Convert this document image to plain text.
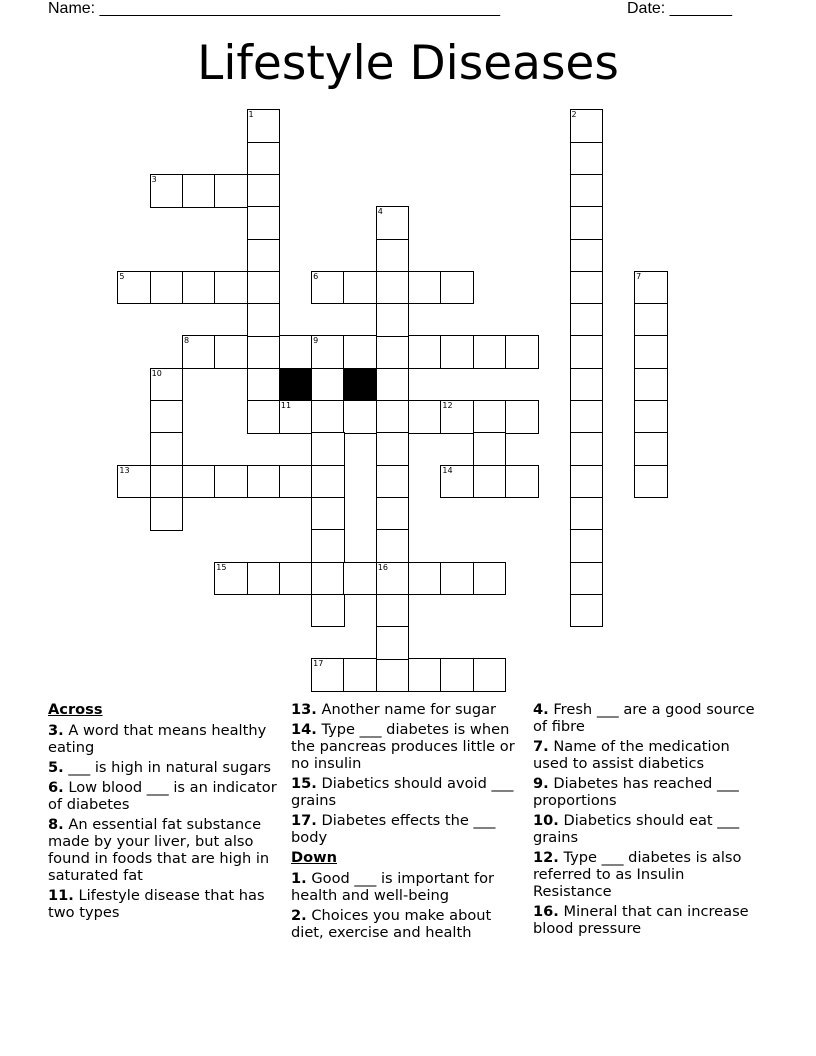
Name: _____________________________________________	Date: _______
Lifestyle Diseases
3
5	6
8	9
11	12
13	14
15	16
17
1	2
4
7
10
Across
3. A word that means healthy eating
5. ___ is high in natural sugars
6. Low blood ___ is an indicator of diabetes
8. An essential fat substance made by your liver, but also found in foods that are high in saturated fat
11. Lifestyle disease that has two types
13. Another name for sugar
14. Type ___ diabetes is when the pancreas produces little or no insulin
15. Diabetics should avoid ___ grains
17. Diabetes effects the ___ body
Down
1. Good ___ is important for health and well-being
2. Choices you make about diet, exercise and health
4. Fresh ___ are a good source of fibre
7. Name of the medication used to assist diabetics
9. Diabetes has reached ___ proportions
10. Diabetics should eat ___ grains
12. Type ___ diabetes is also referred to as Insulin Resistance
16. Mineral that can increase blood pressure
